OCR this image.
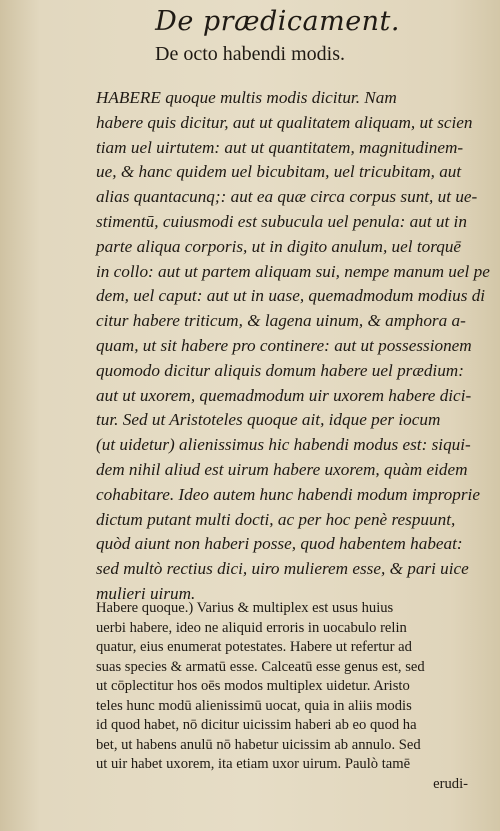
De prædicament.
De octo habendi modis.
HABERE quoque multis modis dicitur. Nam
habere quis dicitur, aut ut qualitatem aliquam, ut scien
tiam uel uirtutem: aut ut quantitatem, magnitudinem-
ue, & hanc quidem uel bicubitam, uel tricubitam, aut
alias quantacunq;: aut ea quæ circa corpus sunt, ut ue-
stimentū, cuiusmodi est subucula uel penula: aut ut in
parte aliqua corporis, ut in digito anulum, uel torquē
in collo: aut ut partem aliquam sui, nempe manum uel pe
dem, uel caput: aut ut in uase, quemadmodum modius di
citur habere triticum, & lagena uinum, & amphora a-
quam, ut sit habere pro continere: aut ut possessionem
quomodo dicitur aliquis domum habere uel prædium:
aut ut uxorem, quemadmodum uir uxorem habere dici-
tur. Sed ut Aristoteles quoque ait, idque per iocum
(ut uidetur) alienissimus hic habendi modus est: siqui-
dem nihil aliud est uirum habere uxorem, quàm eidem
cohabitare. Ideo autem hunc habendi modum improprie
dictum putant multi docti, ac per hoc penè respuunt,
quòd aiunt non haberi posse, quod habentem habeat:
sed multò rectius dici, uiro mulierem esse, & pari uice
mulieri uirum.
Habere quoque.) Varius & multiplex est usus huius
uerbi habere, ideo ne aliquid erroris in uocabulo relin
quatur, eius enumerat potestates. Habere ut refertur ad
suas species & armatū esse. Calceatū esse genus est, sed
ut cōplectitur hos oēs modos multiplex uidetur. Aristo
teles hunc modū alienissimū uocat, quia in aliis modis
id quod habet, nō dicitur uicissim haberi ab eo quod ha
bet, ut habens anulū nō habetur uicissim ab annulo. Sed
ut uir habet uxorem, ita etiam uxor uirum. Paulò tamē
erudi-
